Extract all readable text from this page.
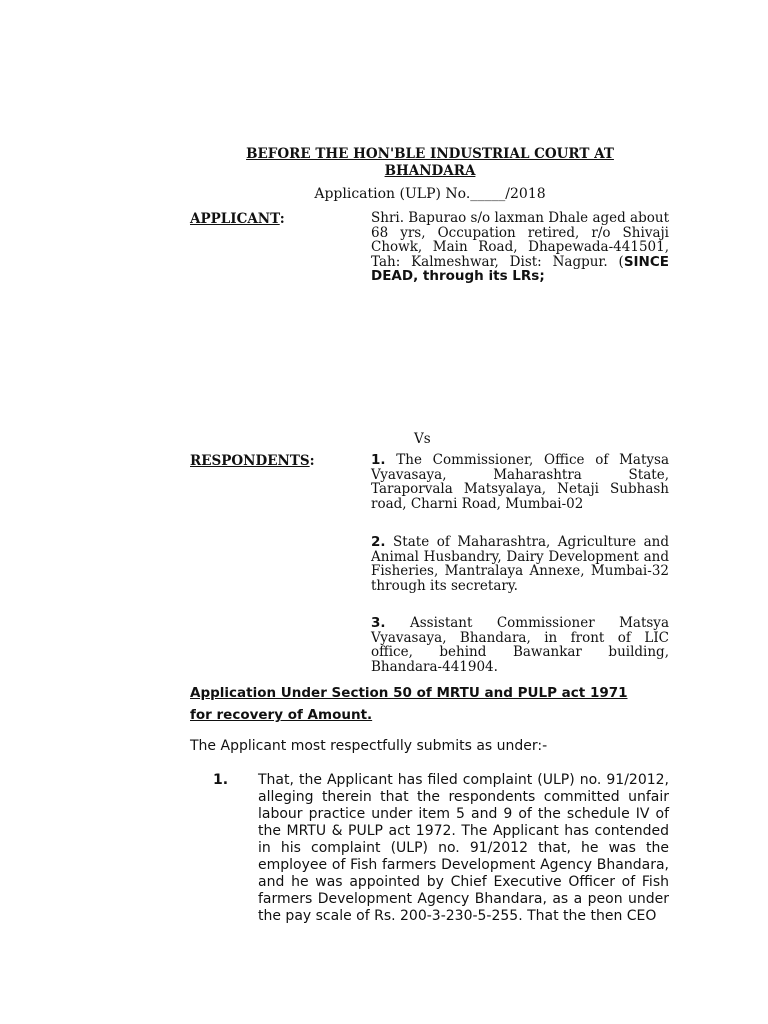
BEFORE THE HON'BLE INDUSTRIAL COURT AT
BHANDARA
Application (ULP) No._____/2018
APPLICANT:	Shri. Bapurao s/o laxman Dhale aged about 68 yrs, Occupation retired, r/o Shivaji Chowk, Main Road, Dhapewada-441501, Tah: Kalmeshwar, Dist: Nagpur. (SINCE DEAD, through its LRs;
Vs
RESPONDENTS:	1. The Commissioner, Office of Matysa Vyavasaya, Maharashtra State, Taraporvala Matsyalaya, Netaji Subhash road, Charni Road, Mumbai-02
2. State of Maharashtra, Agriculture and Animal Husbandry, Dairy Development and Fisheries, Mantralaya Annexe, Mumbai-32 through its secretary.
3. Assistant Commissioner Matsya Vyavasaya, Bhandara, in front of LIC office, behind Bawankar building, Bhandara-441904.
Application Under Section 50 of MRTU and PULP act 1971
for recovery of Amount.
The Applicant most respectfully submits as under:-
1. That, the Applicant has filed complaint (ULP) no. 91/2012, alleging therein that the respondents committed unfair labour practice under item 5 and 9 of the schedule IV of the MRTU & PULP act 1972. The Applicant has contended in his complaint (ULP) no. 91/2012 that, he was the employee of Fish farmers Development Agency Bhandara, and he was appointed by Chief Executive Officer of Fish farmers Development Agency Bhandara, as a peon under the pay scale of Rs. 200-3-230-5-255. That the then CEO
